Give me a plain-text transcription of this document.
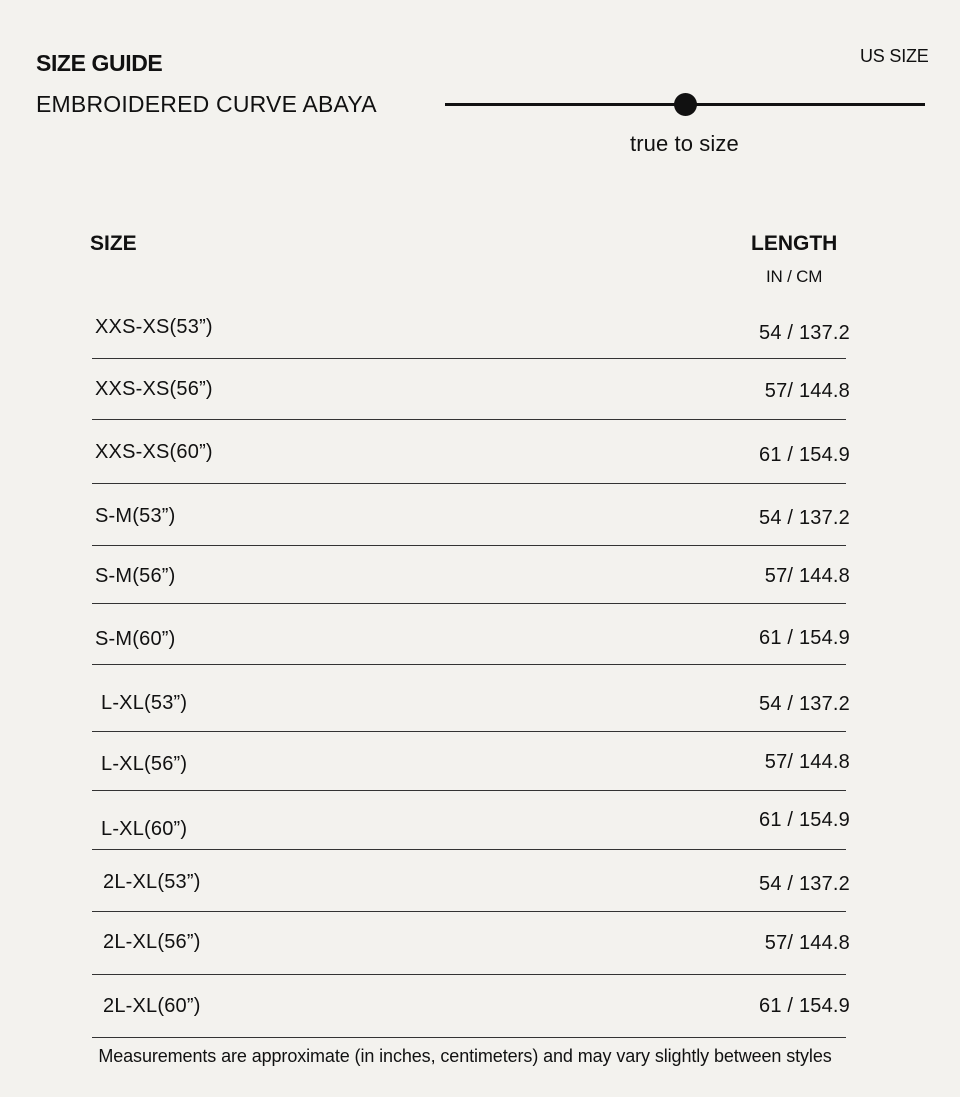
SIZE GUIDE
EMBROIDERED CURVE ABAYA
US SIZE
true to size
SIZE	LENGTH
IN / CM
XXS-XS(53”)	54 / 137.2
XXS-XS(56”)	57/ 144.8
XXS-XS(60”)	61 / 154.9
S-M(53”)	54 / 137.2
S-M(56”)	57/ 144.8
S-M(60”)	61 / 154.9
L-XL(53”)	54 / 137.2
L-XL(56”)	57/ 144.8
L-XL(60”)	61 / 154.9
2L-XL(53”)	54 / 137.2
2L-XL(56”)	57/ 144.8
2L-XL(60”)	61 / 154.9
Measurements are approximate (in inches, centimeters) and may vary slightly between styles
